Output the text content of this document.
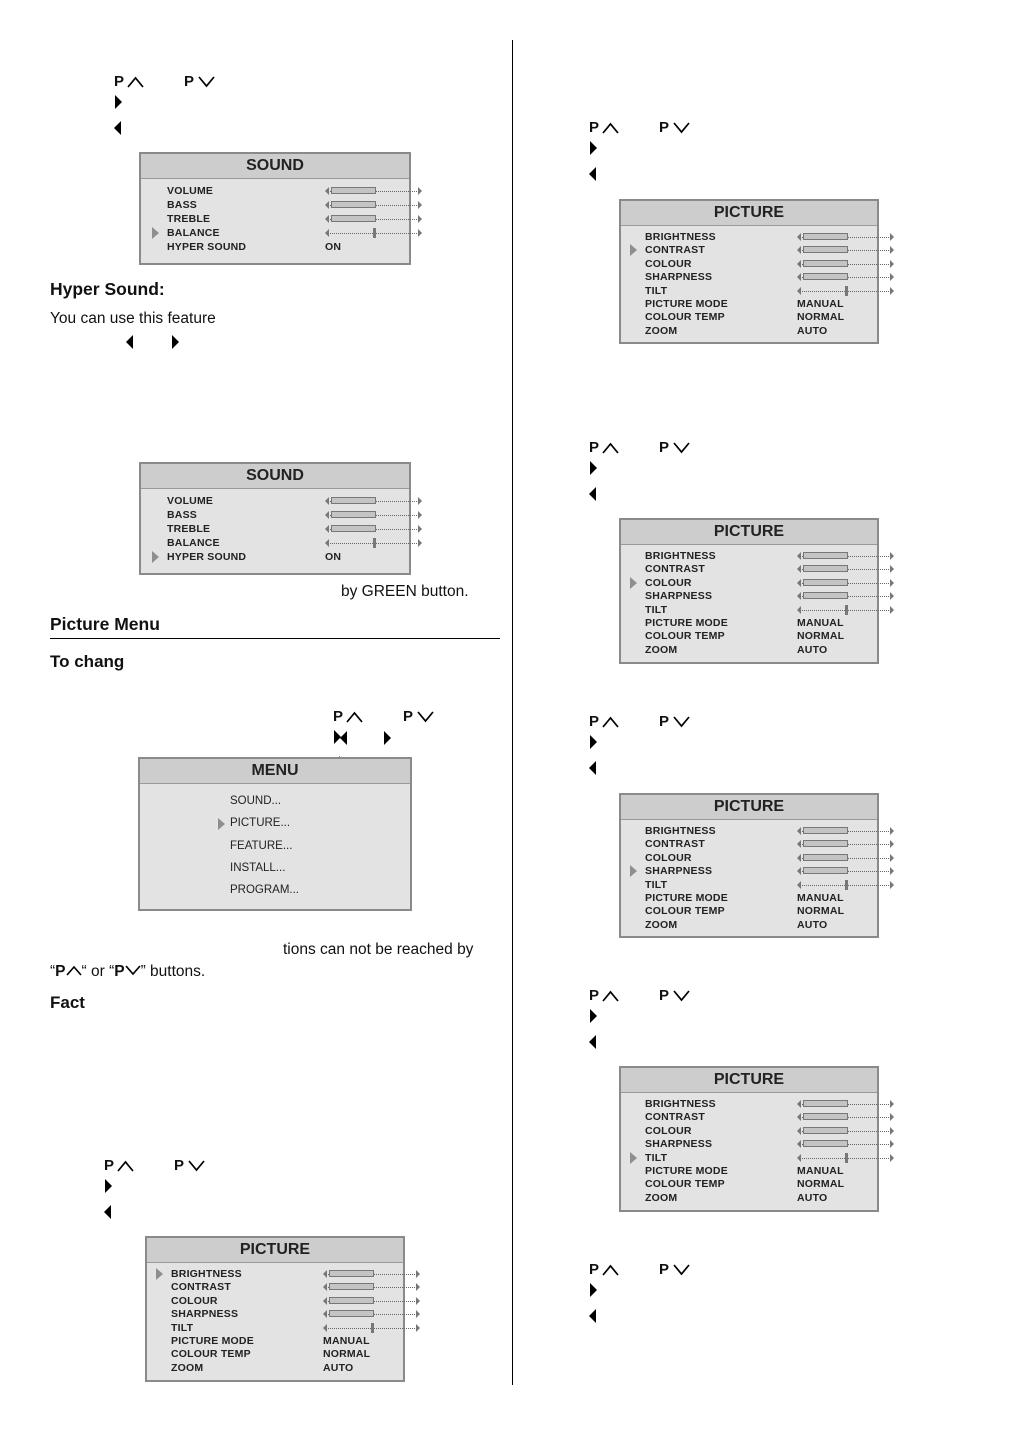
Hyper Sound:
You can use this feature
by GREEN button.
Picture Menu
To chang
tions can not be reached by
“P “ or “P ” buttons.
Fact
P	P
SOUND
VOLUME
BASS
TREBLE
BALANCE
HYPER SOUND	ON
SOUND
VOLUME
BASS
TREBLE
BALANCE
HYPER SOUND	ON
P	P
MENU
SOUND...
PICTURE...
FEATURE...
INSTALL...
PROGRAM...
P	P
PICTURE
BRIGHTNESS
CONTRAST
COLOUR
SHARPNESS
TILT
PICTURE MODE	MANUAL
COLOUR TEMP	NORMAL
ZOOM	AUTO
P	P
PICTURE
BRIGHTNESS
CONTRAST
COLOUR
SHARPNESS
TILT
PICTURE MODE	MANUAL
COLOUR TEMP	NORMAL
ZOOM	AUTO
P	P
PICTURE
BRIGHTNESS
CONTRAST
COLOUR
SHARPNESS
TILT
PICTURE MODE	MANUAL
COLOUR TEMP	NORMAL
ZOOM	AUTO
P	P
PICTURE
BRIGHTNESS
CONTRAST
COLOUR
SHARPNESS
TILT
PICTURE MODE	MANUAL
COLOUR TEMP	NORMAL
ZOOM	AUTO
P	P
PICTURE
BRIGHTNESS
CONTRAST
COLOUR
SHARPNESS
TILT
PICTURE MODE	MANUAL
COLOUR TEMP	NORMAL
ZOOM	AUTO
P	P
